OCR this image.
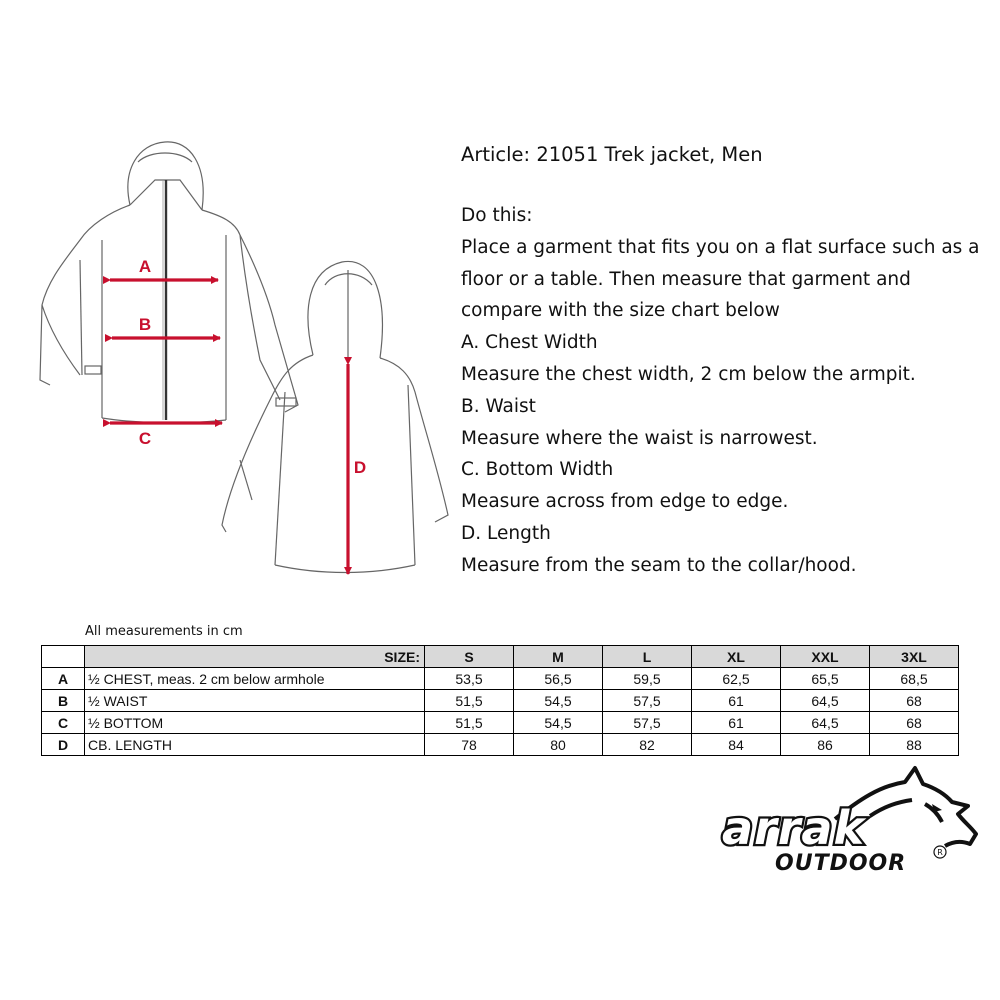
A
B
C
D
Article: 21051 Trek jacket, Men
Do this:
Place a garment that fits you on a flat surface such as a
floor or a table. Then measure that garment and
compare with the size chart below
A. Chest Width
Measure the chest width, 2 cm below the armpit.
B. Waist
Measure where the waist is narrowest.
C. Bottom Width
Measure across from edge to edge.
D. Length
Measure from the seam to the collar/hood.
All measurements in cm
	SIZE:	S	M	L	XL	XXL	3XL
A	½ CHEST, meas. 2 cm below armhole	53,5	56,5	59,5	62,5	65,5	68,5
B	½ WAIST	51,5	54,5	57,5	61	64,5	68
C	½ BOTTOM	51,5	54,5	57,5	61	64,5	68
D	CB. LENGTH	78	80	82	84	86	88
arrak
OUTDOOR	R
